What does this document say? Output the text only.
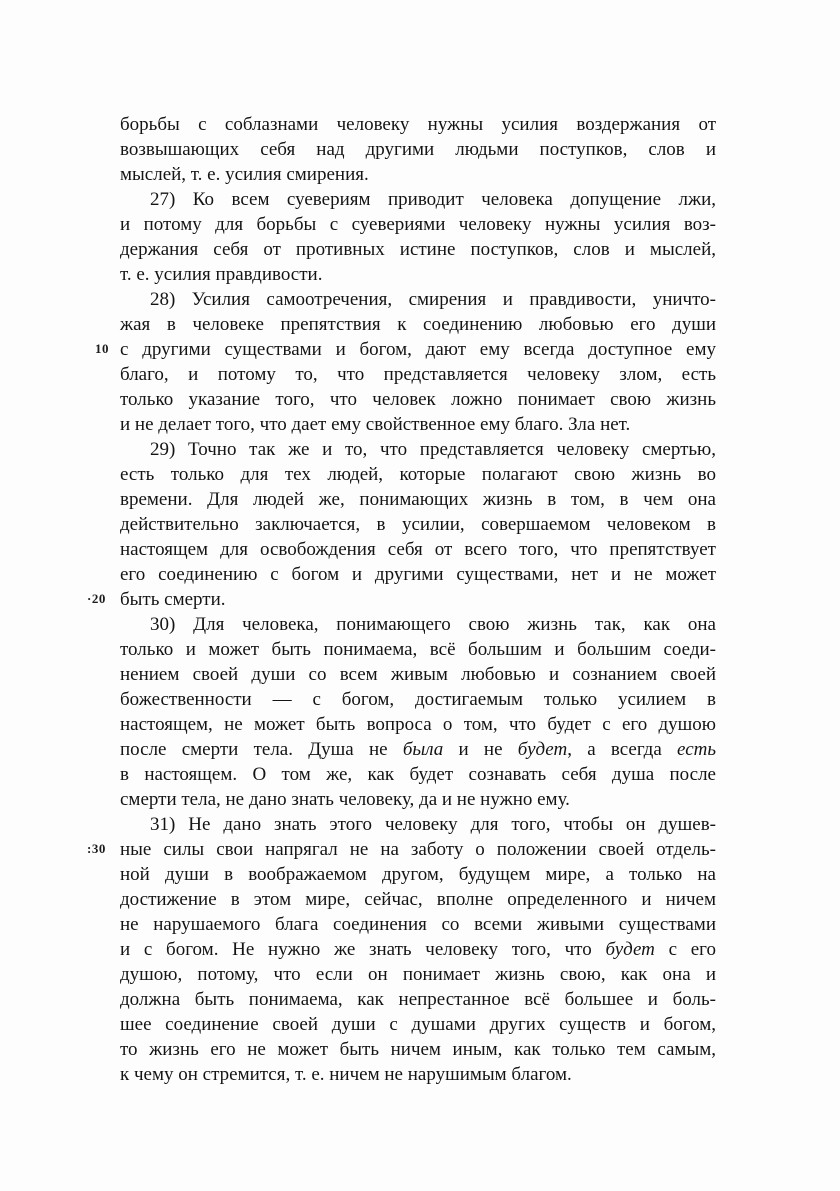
10
·20
:30
борьбы с соблазнами человеку нужны усилия воздержания от
возвышающих себя над другими людьми поступков, слов и
мыслей, т. е. усилия смирения.
27) Ко всем суевериям приводит человека допущение лжи,
и потому для борьбы с суевериями человеку нужны усилия воз-
держания себя от противных истине поступков, слов и мыслей,
т. е. усилия правдивости.
28) Усилия самоотречения, смирения и правдивости, уничто-
жая в человеке препятствия к соединению любовью его души
с другими существами и богом, дают ему всегда доступное ему
благо, и потому то, что представляется человеку злом, есть
только указание того, что человек ложно понимает свою жизнь
и не делает того, что дает ему свойственное ему благо. Зла нет.
29) Точно так же и то, что представляется человеку смертью,
есть только для тех людей, которые полагают свою жизнь во
времени. Для людей же, понимающих жизнь в том, в чем она
действительно заключается, в усилии, совершаемом человеком в
настоящем для освобождения себя от всего того, что препятствует
его соединению с богом и другими существами, нет и не может
быть смерти.
30) Для человека, понимающего свою жизнь так, как она
только и может быть понимаема, всё большим и большим соеди-
нением своей души со всем живым любовью и сознанием своей
божественности — с богом, достигаемым только усилием в
настоящем, не может быть вопроса о том, что будет с его душою
после смерти тела. Душа не была и не будет, а всегда есть
в настоящем. О том же, как будет сознавать себя душа после
смерти тела, не дано знать человеку, да и не нужно ему.
31) Не дано знать этого человеку для того, чтобы он душев-
ные силы свои напрягал не на заботу о положении своей отдель-
ной души в воображаемом другом, будущем мире, а только на
достижение в этом мире, сейчас, вполне определенного и ничем
не нарушаемого блага соединения со всеми живыми существами
и с богом. Не нужно же знать человеку того, что будет с его
душою, потому, что если он понимает жизнь свою, как она и
должна быть понимаема, как непрестанное всё большее и боль-
шее соединение своей души с душами других существ и богом,
то жизнь его не может быть ничем иным, как только тем самым,
к чему он стремится, т. е. ничем не нарушимым благом.
